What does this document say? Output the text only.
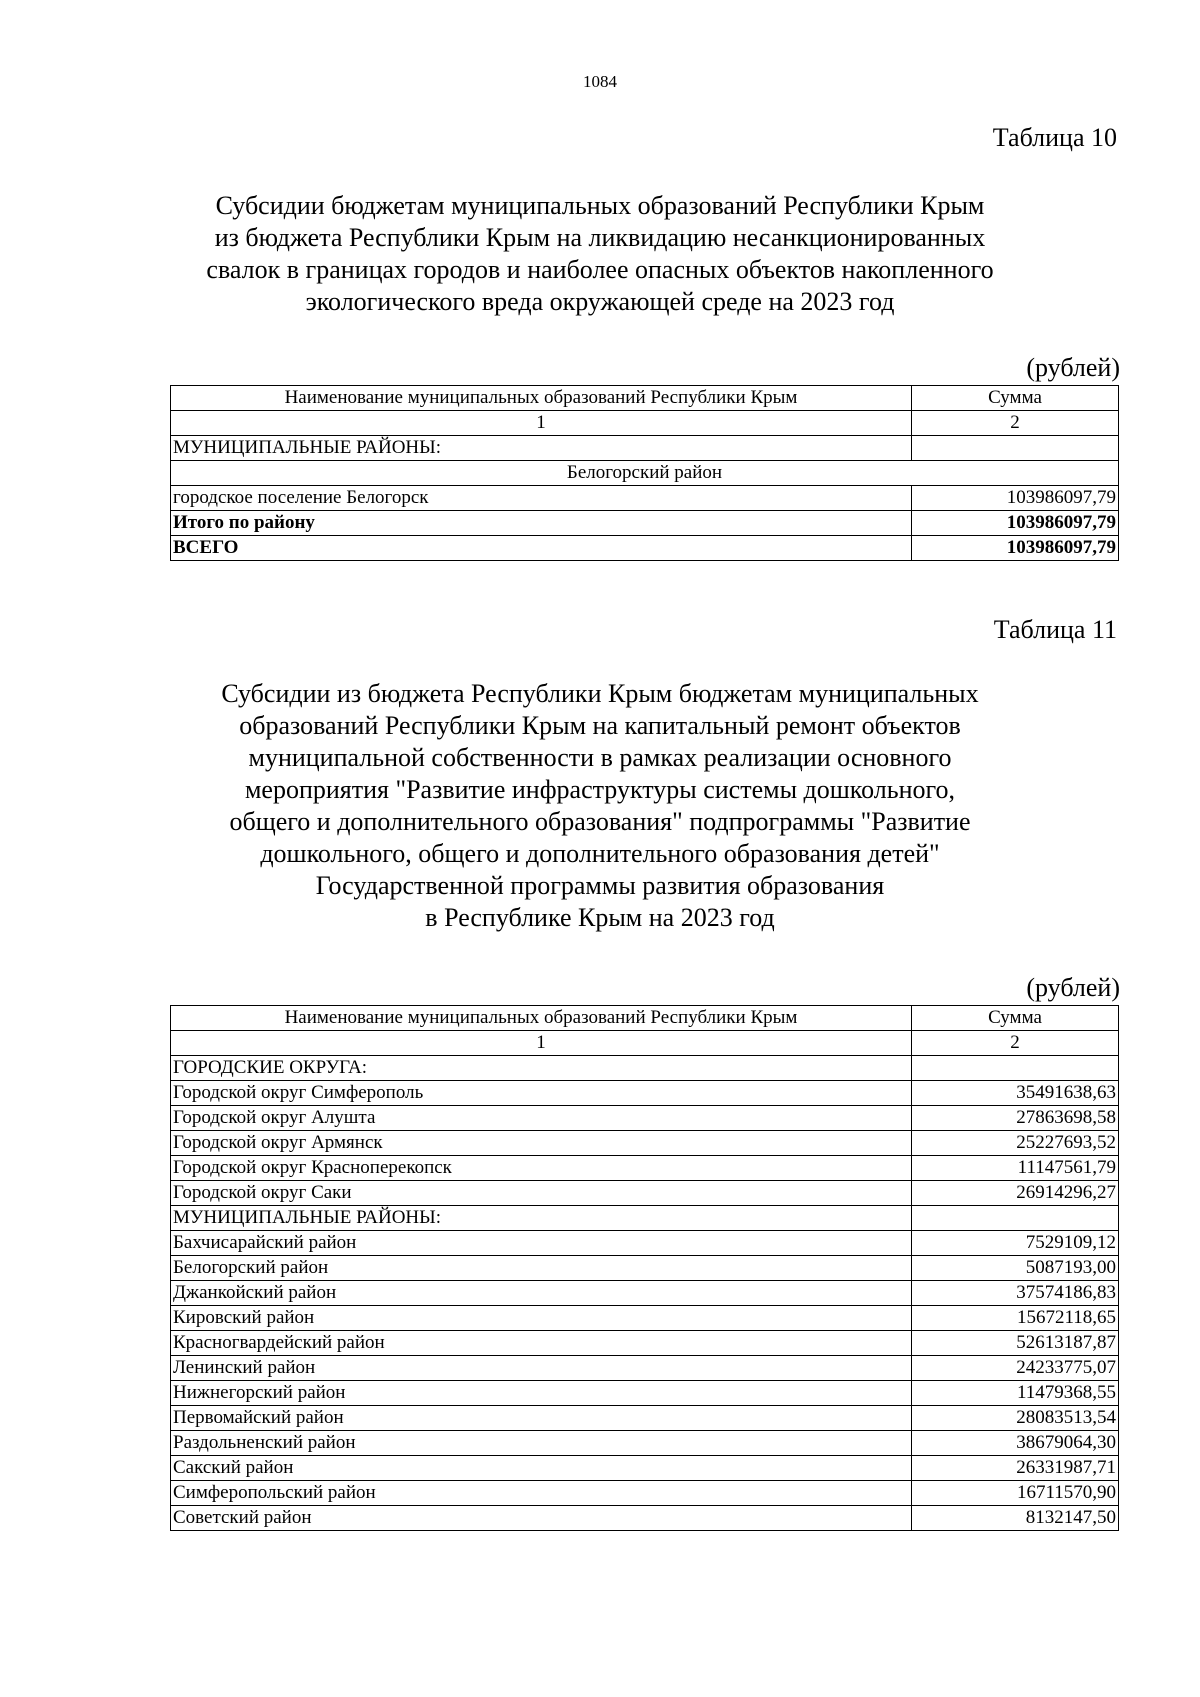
1084
Таблица 10
Субсидии бюджетам муниципальных образований Республики Крым
из бюджета Республики Крым на ликвидацию несанкционированных
свалок в границах городов и наиболее опасных объектов накопленного
экологического вреда окружающей среде на 2023 год
(рублей)
Наименование муниципальных образований Республики Крым	Сумма
1	2
МУНИЦИПАЛЬНЫЕ РАЙОНЫ:	
Белогорский район	
городское поселение Белогорск	103986097,79
Итого по району	103986097,79
ВСЕГО	103986097,79
Таблица 11
Субсидии из бюджета Республики Крым бюджетам муниципальных
образований Республики Крым на капитальный ремонт объектов
муниципальной собственности в рамках реализации основного
мероприятия "Развитие инфраструктуры системы дошкольного,
общего и дополнительного образования" подпрограммы "Развитие
дошкольного, общего и дополнительного образования детей"
Государственной программы развития образования
в Республике Крым на 2023 год
(рублей)
Наименование муниципальных образований Республики Крым	Сумма
1	2
ГОРОДСКИЕ ОКРУГА:	
Городской округ Симферополь	35491638,63
Городской округ Алушта	27863698,58
Городской округ Армянск	25227693,52
Городской округ Красноперекопск	11147561,79
Городской округ Саки	26914296,27
МУНИЦИПАЛЬНЫЕ РАЙОНЫ:	
Бахчисарайский район	7529109,12
Белогорский район	5087193,00
Джанкойский район	37574186,83
Кировский район	15672118,65
Красногвардейский район	52613187,87
Ленинский район	24233775,07
Нижнегорский район	11479368,55
Первомайский район	28083513,54
Раздольненский район	38679064,30
Сакский район	26331987,71
Симферопольский район	16711570,90
Советский район	8132147,50
